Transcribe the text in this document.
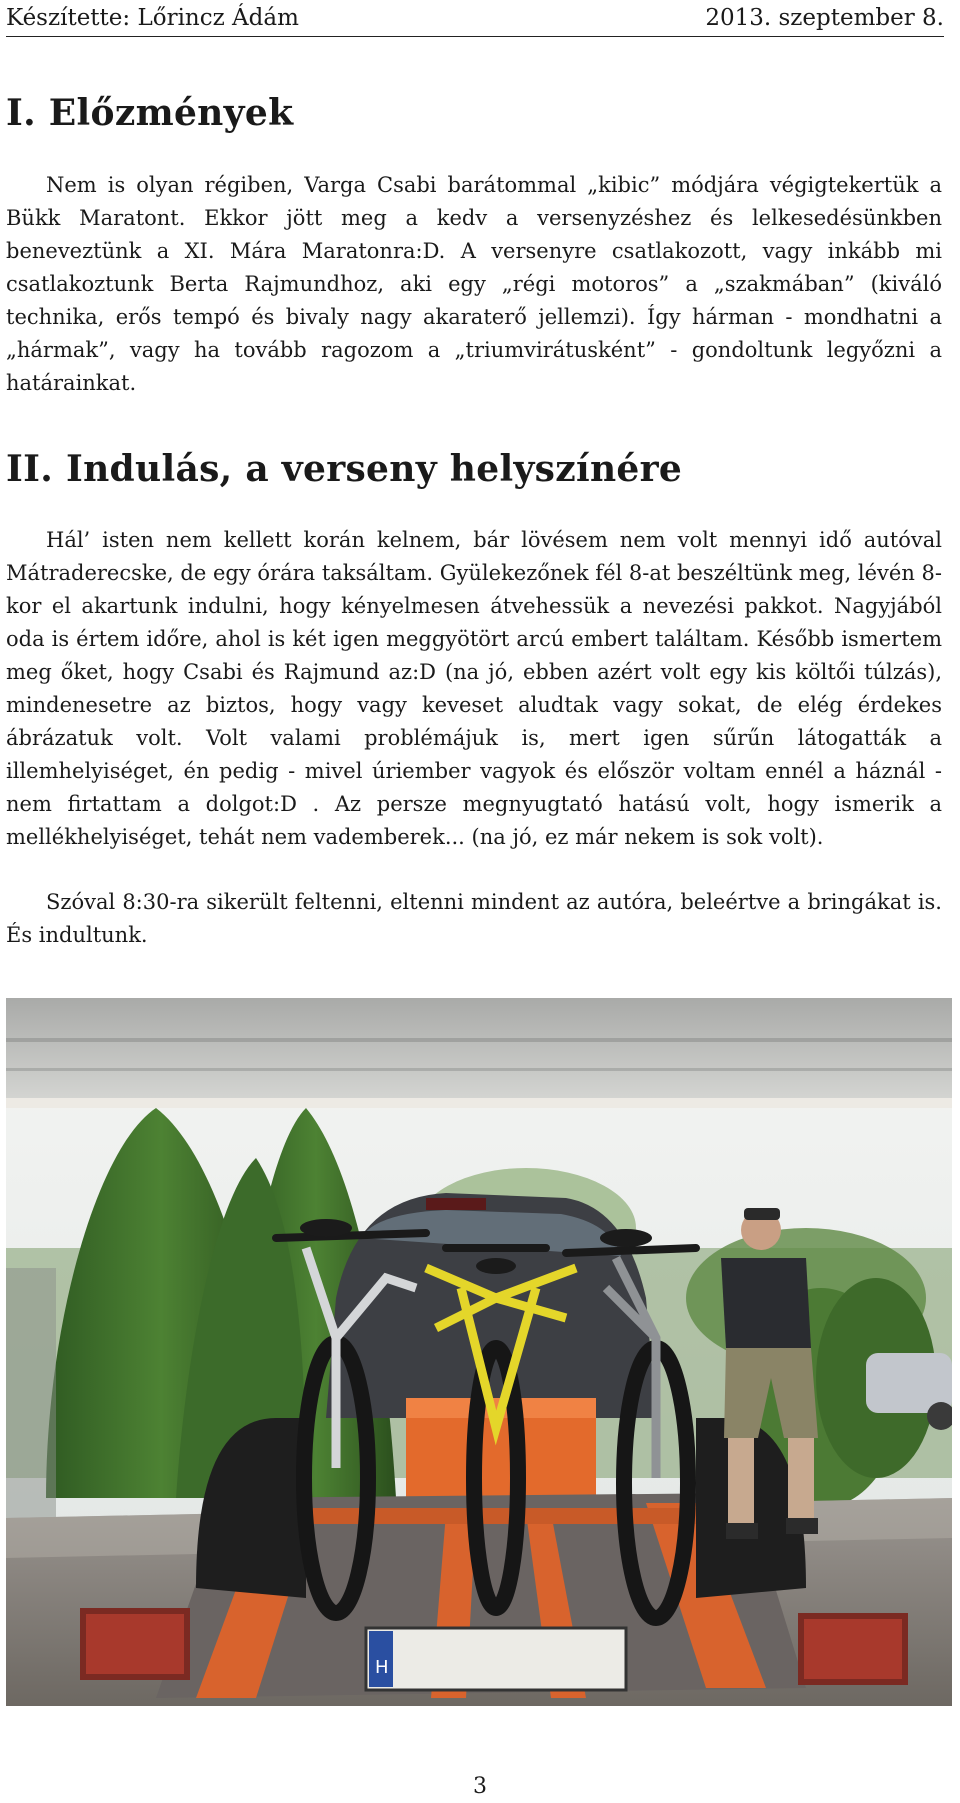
Készítette: Lőrincz Ádám	2013. szeptember 8.
I. Előzmények

Nem is olyan régiben, Varga Csabi barátommal „kibic” módjára végigtekertük a Bükk Maratont. Ekkor jött meg a kedv a versenyzéshez és lelkesedésünkben beneveztünk a XI. Mára Maratonra:D. A versenyre csatlakozott, vagy inkább mi csatlakoztunk Berta Rajmundhoz, aki egy „régi motoros” a „szakmában” (kiváló technika, erős tempó és bivaly nagy akaraterő jellemzi). Így hárman - mondhatni a „hármak”, vagy ha tovább ragozom a „triumvirátusként” - gondoltunk legyőzni a határainkat.

II. Indulás, a verseny helyszínére

Hál’ isten nem kellett korán kelnem, bár lövésem nem volt mennyi idő autóval Mátraderecske, de egy órára taksáltam. Gyülekezőnek fél 8-at beszéltünk meg, lévén 8-kor el akartunk indulni, hogy kényelmesen átvehessük a nevezési pakkot. Nagyjából oda is értem időre, ahol is két igen meggyötört arcú embert találtam. Később ismertem meg őket, hogy Csabi és Rajmund az:D (na jó, ebben azért volt egy kis költői túlzás), mindenesetre az biztos, hogy vagy keveset aludtak vagy sokat, de elég érdekes ábrázatuk volt. Volt valami problémájuk is, mert igen sűrűn látogatták a illemhelyiséget, én pedig - mivel úriember vagyok és először voltam ennél a háznál - nem firtattam a dolgot:D . Az persze megnyugtató hatású volt, hogy ismerik a mellékhelyiséget, tehát nem vademberek... (na jó, ez már nekem is sok volt).

Szóval 8:30-ra sikerült feltenni, eltenni mindent az autóra, beleértve a bringákat is. És indultunk.

H
3
